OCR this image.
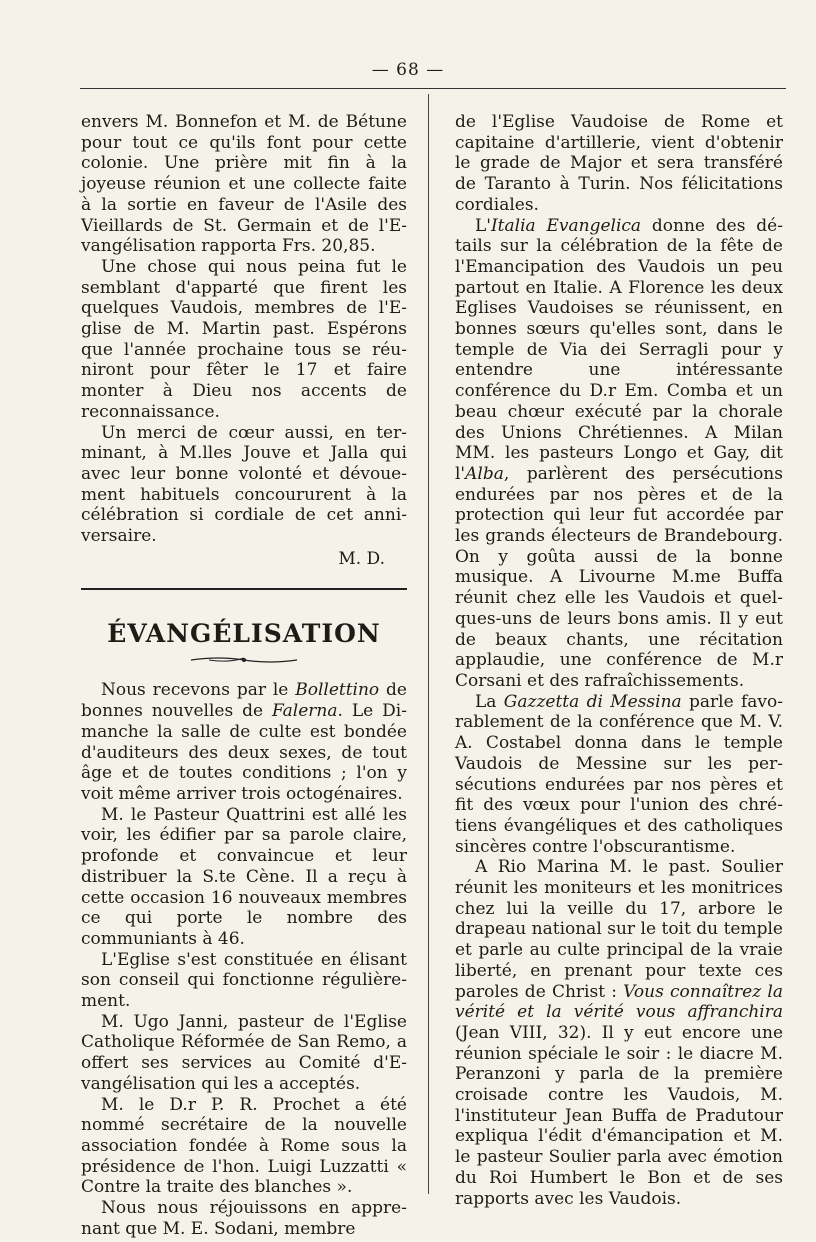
— 68 —

envers M. Bonnefon et M. de Bétune pour tout ce qu'ils font pour cette colonie. Une prière mit fin à la joyeuse réunion et une collecte faite à la sortie en faveur de l'Asile des Vieillards de St. Germain et de l'Evangélisation rapporta Frs. 20,85.

Une chose qui nous peina fut le semblant d'apparté que firent les quelques Vaudois, membres de l'Eglise de M. Martin past. Espérons que l'année prochaine tous se réuniront pour fêter le 17 et faire monter à Dieu nos accents de reconnaissance.

Un merci de cœur aussi, en terminant, à M.lles Jouve et Jalla qui avec leur bonne volonté et dévouement habituels concoururent à la célébration si cordiale de cet anniversaire.

M. D.

ÉVANGÉLISATION

Nous recevons par le Bollettino de bonnes nouvelles de Falerna. Le Dimanche la salle de culte est bondée d'auditeurs des deux sexes, de tout âge et de toutes conditions ; l'on y voit même arriver trois octogénaires.

M. le Pasteur Quattrini est allé les voir, les édifier par sa parole claire, profonde et convaincue et leur distribuer la S.te Cène. Il a reçu à cette occasion 16 nouveaux membres ce qui porte le nombre des communiants à 46.

L'Eglise s'est constituée en élisant son conseil qui fonctionne régulièrement.

M. Ugo Janni, pasteur de l'Eglise Catholique Réformée de San Remo, a offert ses services au Comité d'Evangélisation qui les a acceptés.

M. le D.r P. R. Prochet a été nommé secrétaire de la nouvelle association fondée à Rome sous la présidence de l'hon. Luigi Luzzatti « Contre la traite des blanches ».

Nous nous réjouissons en apprenant que M. E. Sodani, membre

de l'Eglise Vaudoise de Rome et capitaine d'artillerie, vient d'obtenir le grade de Major et sera transféré de Taranto à Turin. Nos félicitations cordiales.

L'Italia Evangelica donne des détails sur la célébration de la fête de l'Emancipation des Vaudois un peu partout en Italie. A Florence les deux Eglises Vaudoises se réunissent, en bonnes sœurs qu'elles sont, dans le temple de Via dei Serragli pour y entendre une intéressante conférence du D.r Em. Comba et un beau chœur exécuté par la chorale des Unions Chrétiennes. A Milan MM. les pasteurs Longo et Gay, dit l'Alba, parlèrent des persécutions endurées par nos pères et de la protection qui leur fut accordée par les grands électeurs de Brandebourg. On y goûta aussi de la bonne musique. A Livourne M.me Buffa réunit chez elle les Vaudois et quelques-uns de leurs bons amis. Il y eut de beaux chants, une récitation applaudie, une conférence de M.r Corsani et des rafraîchissements.

La Gazzetta di Messina parle favorablement de la conférence que M. V. A. Costabel donna dans le temple Vaudois de Messine sur les persécutions endurées par nos pères et fit des vœux pour l'union des chrétiens évangéliques et des catholiques sincères contre l'obscurantisme.

A Rio Marina M. le past. Soulier réunit les moniteurs et les monitrices chez lui la veille du 17, arbore le drapeau national sur le toit du temple et parle au culte principal de la vraie liberté, en prenant pour texte ces paroles de Christ : Vous connaîtrez la vérité et la vérité vous affranchira (Jean VIII, 32). Il y eut encore une réunion spéciale le soir : le diacre M. Peranzoni y parla de la première croisade contre les Vaudois, M. l'instituteur Jean Buffa de Pradutour expliqua l'édit d'émancipation et M. le pasteur Soulier parla avec émotion du Roi Humbert le Bon et de ses rapports avec les Vaudois.
